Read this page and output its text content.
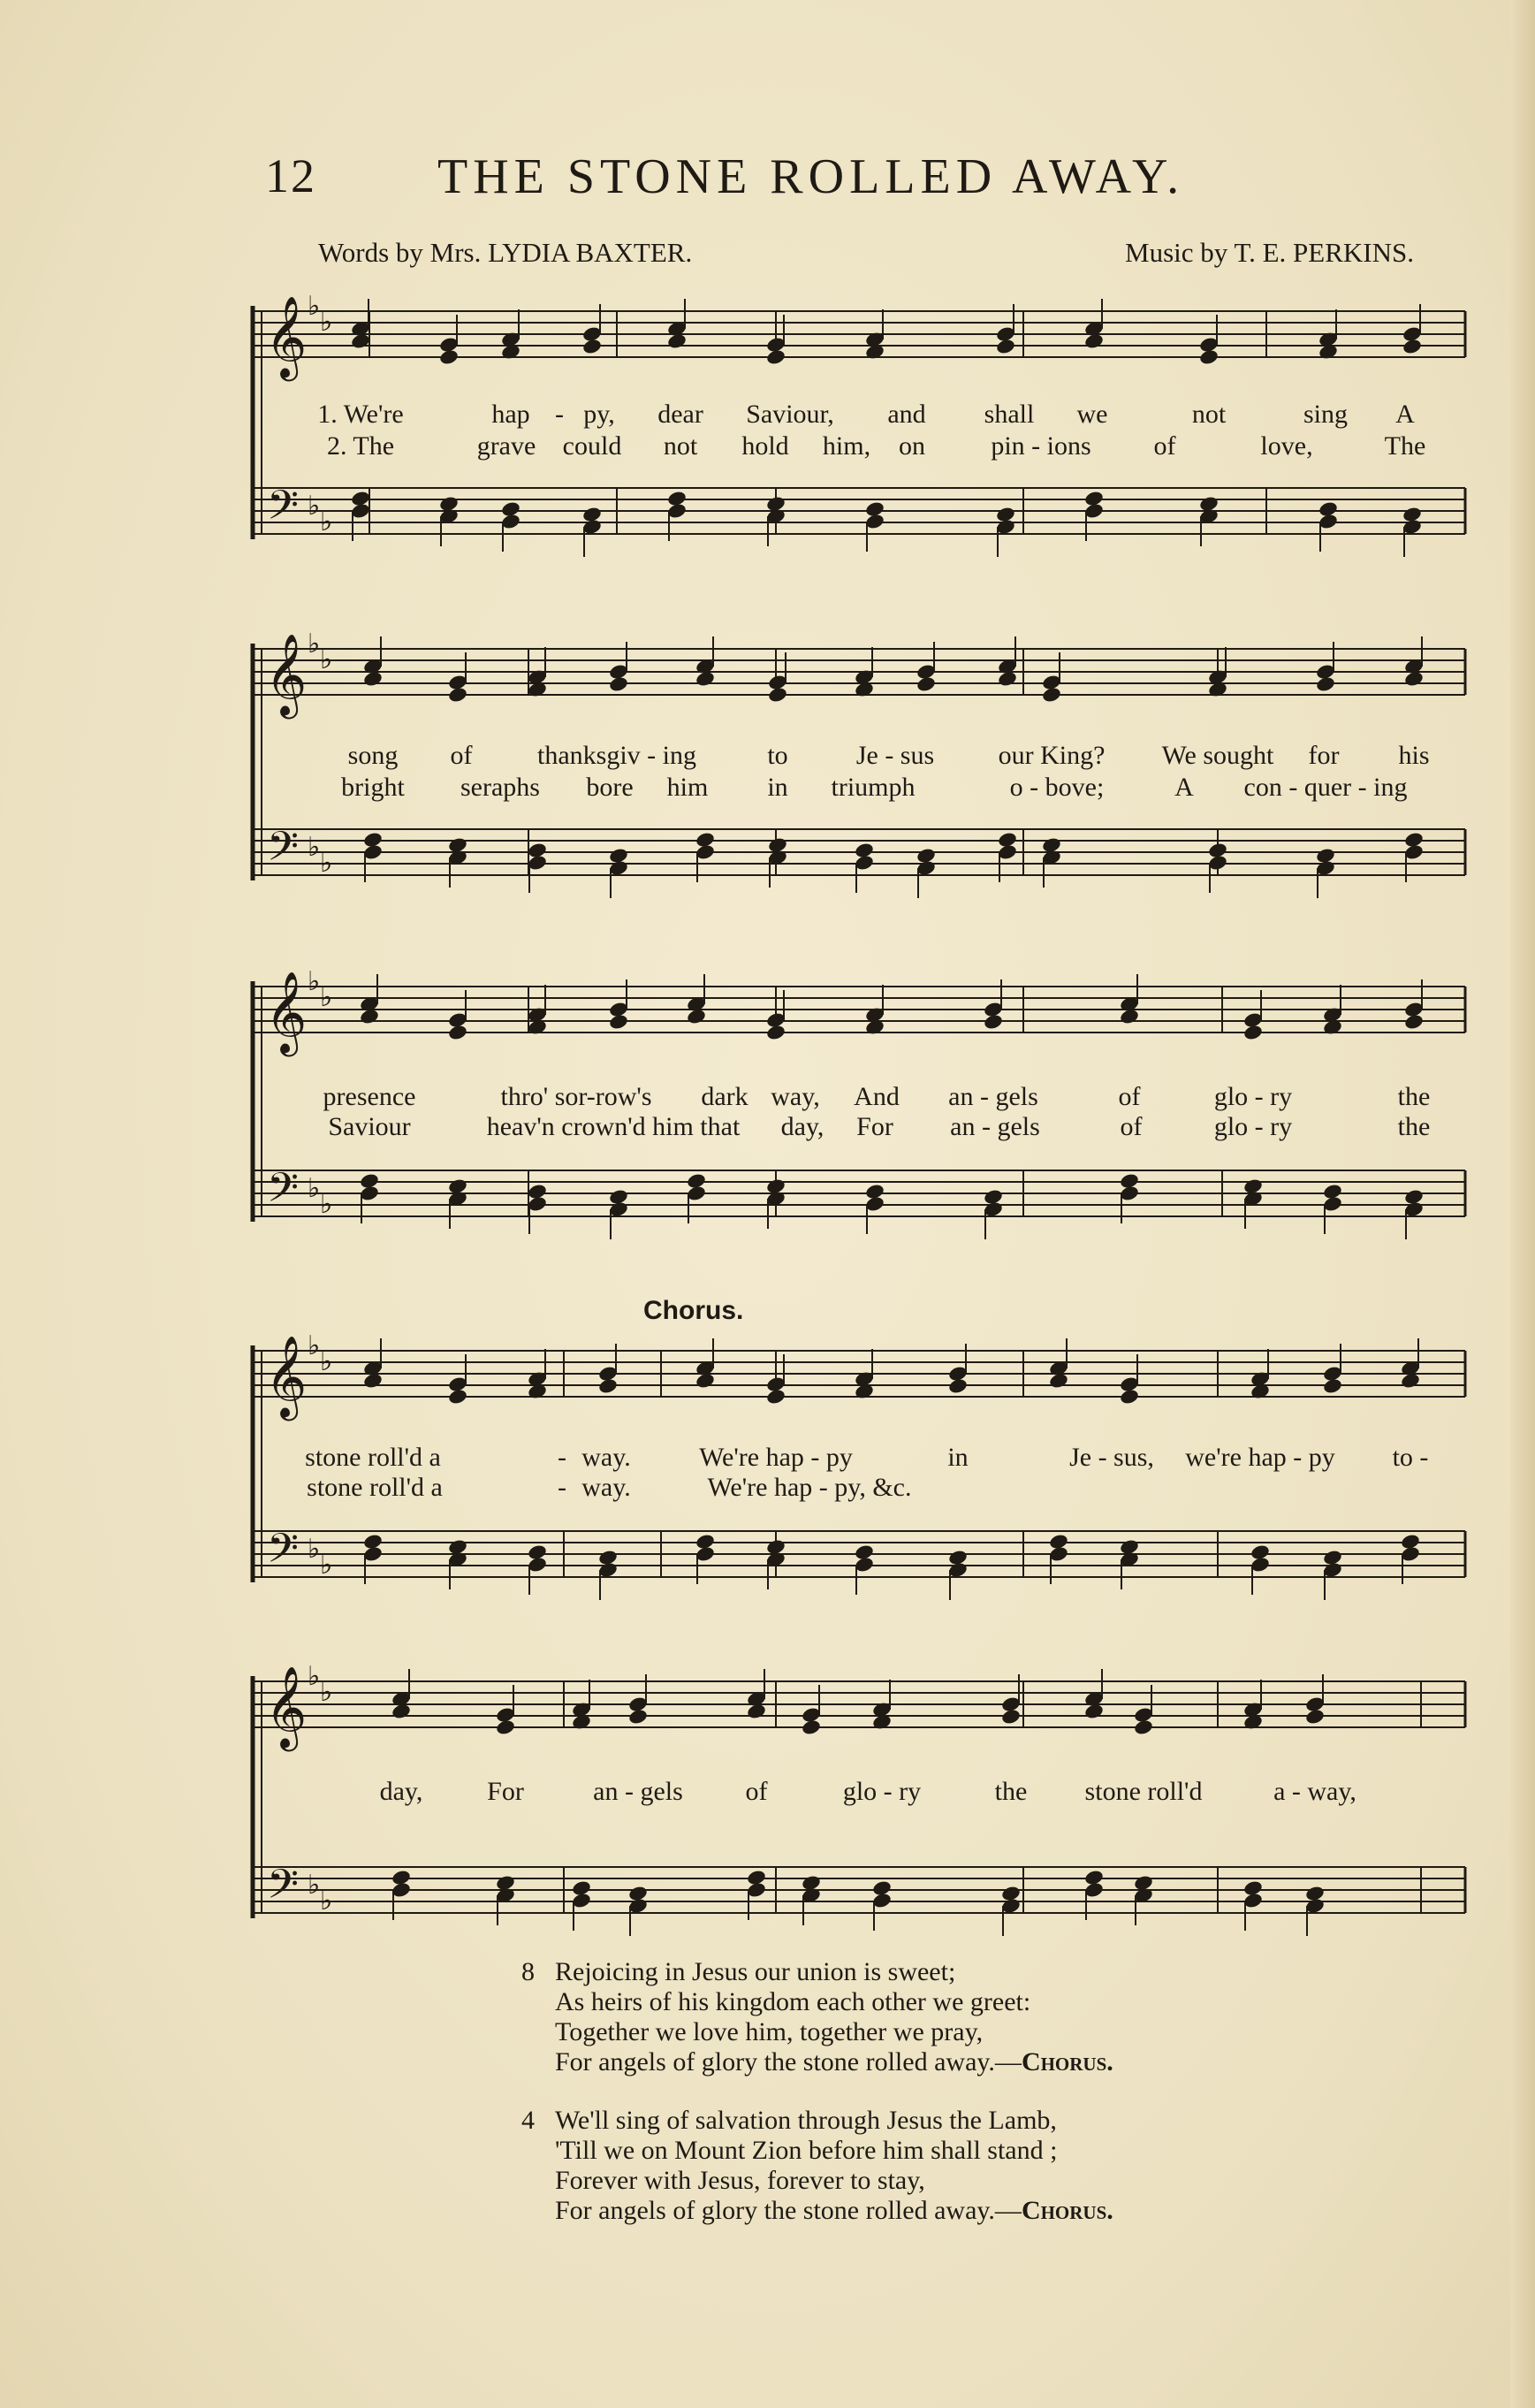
12 THE STONE ROLLED AWAY.
Words by Mrs. LYDIA BAXTER.	Music by T. E. PERKINS.
𝄞
𝄢
♭
♭
♭
♭

1. We're

	hap

-

py,

dear

Saviour,

and

shall

we

	not

	sing

A

2. The

	grave

could

not

hold

him,

on

pin - ions

of

	love,

	The

𝄞
𝄢
♭
♭
♭
♭

song

of

thanksgiv - ing

	to

	Je - sus

our King?

We sought

for

his

bright

seraphs

bore

him

in

triumph

	o - bove;

	A

con - quer - ing

𝄞
𝄢
♭
♭
♭
♭

presence

	thro' sor-row's

dark

way,

And

an - gels

	of

	glo - ry

	the

Saviour

	heav'n crown'd him that

day,

For

an - gels

	of

	glo - ry

	the

Chorus.
𝄞
𝄢
♭
♭
♭
♭

stone roll'd a

	-

way.

	We're hap - py

	in

	Je - sus,

we're hap - py

to -

stone roll'd a

	-

way.

	We're hap - py, &c.

𝄞
𝄢
♭
♭
♭
♭

day,

For

	an - gels

of

	glo - ry

	the

stone roll'd

	a - way,

8 Rejoicing in Jesus our union is sweet;
As heirs of his kingdom each other we greet:
Together we love him, together we pray,
For angels of glory the stone rolled away.—Chorus.
4 We'll sing of salvation through Jesus the Lamb,
'Till we on Mount Zion before him shall stand ;
Forever with Jesus, forever to stay,
For angels of glory the stone rolled away.—Chorus.
